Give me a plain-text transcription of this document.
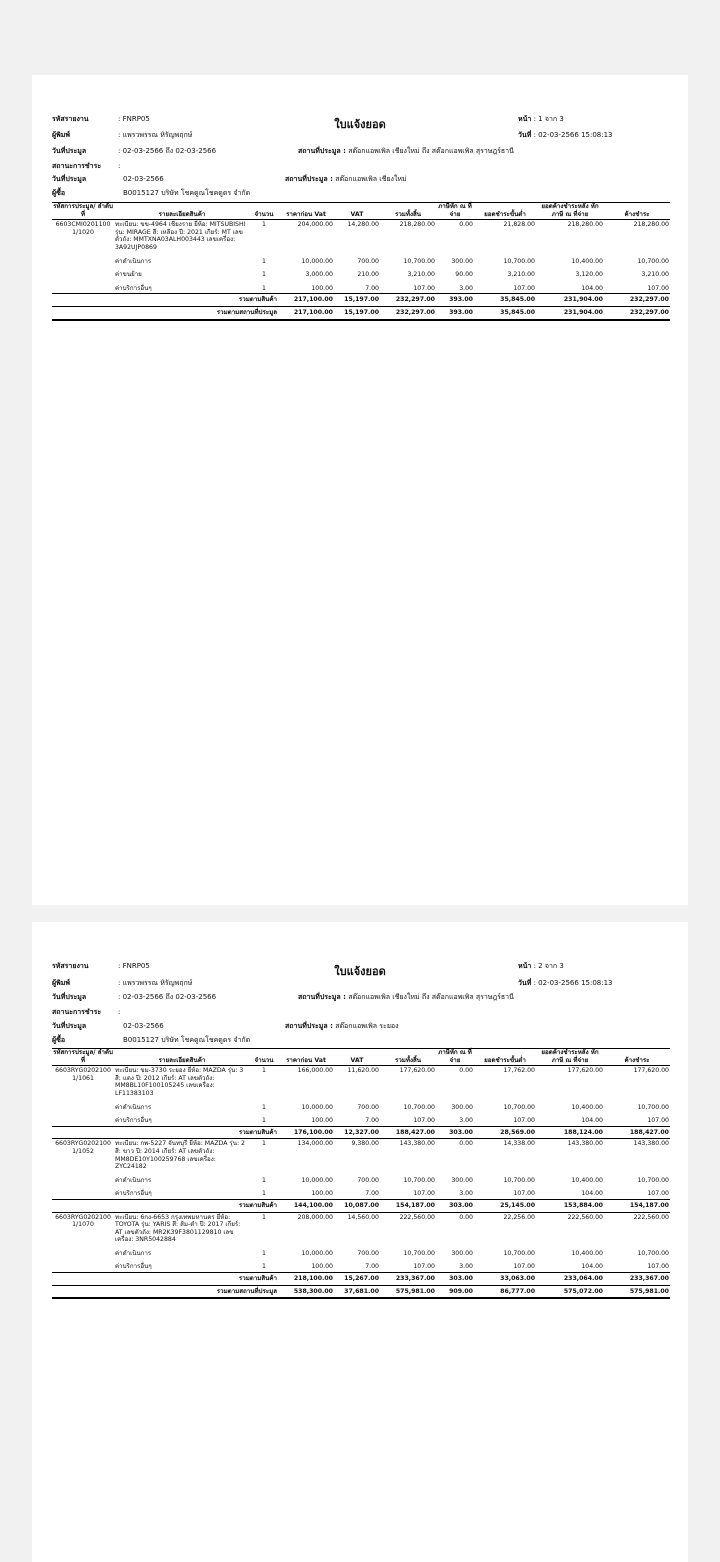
รหัสรายงาน	: FNRP05	ใบแจ้งยอด	หน้า : 1 จาก 3
ผู้พิมพ์	: แพรวพรรณ หิรัญพฤกษ์	วันที่ : 02-03-2566 15:08:13
วันที่ประมูล	: 02-03-2566 ถึง 02-03-2566	สถานที่ประมูล : สต๊อกแอพเพิล เชียงใหม่ ถึง สต๊อกแอพเพิล สุราษฎร์ธานี
สถานะการชำระ :
วันที่ประมูล	02-03-2566	สถานที่ประมูล : สต๊อกแอพเพิล เชียงใหม่
ผู้ซื้อ	B0015127 บริษัท โชคดูณโชคดูดร จำกัด
รหัสการประมูล/ ลำดับที่	รายละเอียดสินค้า	จำนวน	ราคาก่อน Vat	VAT	รวมทั้งสิ้น	ภาษีหัก ณ ที่จ่าย	ยอดชำระขั้นต่ำ	ยอดค้างชำระหลัง หักภาษี ณ ที่จ่าย	ค้างชำระ
6603CMI0201100 1/1020	ทะเบียน: ขข-4964 เชียงราย ยี่ห้อ: MITSUBISHI รุ่น: MIRAGE สี: เหลือง ปี: 2021 เกียร์: MT เลขตัวถัง: MMTXNA03ALH003443 เลขเครื่อง: 3A92UJP0869	1	204,000.00	14,280.00	218,280.00	0.00	21,828.00	218,280.00	218,280.00
	ค่าดำเนินการ	1	10,000.00	700.00	10,700.00	300.00	10,700.00	10,400.00	10,700.00
	ค่าขนย้าย	1	3,000.00	210.00	3,210.00	90.00	3,210.00	3,120.00	3,210.00
	ค่าบริการอื่นๆ	1	100.00	7.00	107.00	3.00	107.00	104.00	107.00
	รวมตามสินค้า		217,100.00	15,197.00	232,297.00	393.00	35,845.00	231,904.00	232,297.00
	รวมตามสถานที่ประมูล		217,100.00	15,197.00	232,297.00	393.00	35,845.00	231,904.00	232,297.00
รหัสรายงาน	: FNRP05	ใบแจ้งยอด	หน้า : 2 จาก 3
ผู้พิมพ์	: แพรวพรรณ หิรัญพฤกษ์	วันที่ : 02-03-2566 15:08:13
วันที่ประมูล	: 02-03-2566 ถึง 02-03-2566	สถานที่ประมูล : สต๊อกแอพเพิล เชียงใหม่ ถึง สต๊อกแอพเพิล สุราษฎร์ธานี
สถานะการชำระ :
วันที่ประมูล	02-03-2566	สถานที่ประมูล : สต๊อกแอพเพิล ระยอง
ผู้ซื้อ	B0015127 บริษัท โชคดูณโชคดูดร จำกัด
รหัสการประมูล/ ลำดับที่	รายละเอียดสินค้า	จำนวน	ราคาก่อน Vat	VAT	รวมทั้งสิ้น	ภาษีหัก ณ ที่จ่าย	ยอดชำระขั้นต่ำ	ยอดค้างชำระหลัง หักภาษี ณ ที่จ่าย	ค้างชำระ
6603RYG0202100 1/1061	ทะเบียน: ขม-3730 ระยอง ยี่ห้อ: MAZDA รุ่น: 3 สี: แดง ปี: 2012 เกียร์: AT เลขตัวถัง: MM8BL10F100105245 เลขเครื่อง: LF11383103	1	166,000.00	11,620.00	177,620.00	0.00	17,762.00	177,620.00	177,620.00
	ค่าดำเนินการ	1	10,000.00	700.00	10,700.00	300.00	10,700.00	10,400.00	10,700.00
	ค่าบริการอื่นๆ	1	100.00	7.00	107.00	3.00	107.00	104.00	107.00
	รวมตามสินค้า		176,100.00	12,327.00	188,427.00	303.00	28,569.00	188,124.00	188,427.00
6603RYG0202100 1/1052	ทะเบียน: กพ-5227 จันทบุรี ยี่ห้อ: MAZDA รุ่น: 2 สี: ขาว ปี: 2014 เกียร์: AT เลขตัวถัง: MM8DE10Y100259768 เลขเครื่อง: ZYC24182	1	134,000.00	9,380.00	143,380.00	0.00	14,338.00	143,380.00	143,380.00
	ค่าดำเนินการ	1	10,000.00	700.00	10,700.00	300.00	10,700.00	10,400.00	10,700.00
	ค่าบริการอื่นๆ	1	100.00	7.00	107.00	3.00	107.00	104.00	107.00
	รวมตามสินค้า		144,100.00	10,087.00	154,187.00	303.00	25,145.00	153,884.00	154,187.00
6603RYG0202100 1/1070	ทะเบียน: 6กง-6653 กรุงเทพมหานคร ยี่ห้อ: TOYOTA รุ่น: YARIS สี: ส้ม-ดำ ปี: 2017 เกียร์: AT เลขตัวถัง: MR2K39F3801129810 เลขเครื่อง: 3NR5042884	1	208,000.00	14,560.00	222,560.00	0.00	22,256.00	222,560.00	222,560.00
	ค่าดำเนินการ	1	10,000.00	700.00	10,700.00	300.00	10,700.00	10,400.00	10,700.00
	ค่าบริการอื่นๆ	1	100.00	7.00	107.00	3.00	107.00	104.00	107.00
	รวมตามสินค้า		218,100.00	15,267.00	233,367.00	303.00	33,063.00	233,064.00	233,367.00
	รวมตามสถานที่ประมูล		538,300.00	37,681.00	575,981.00	909.00	86,777.00	575,072.00	575,981.00
